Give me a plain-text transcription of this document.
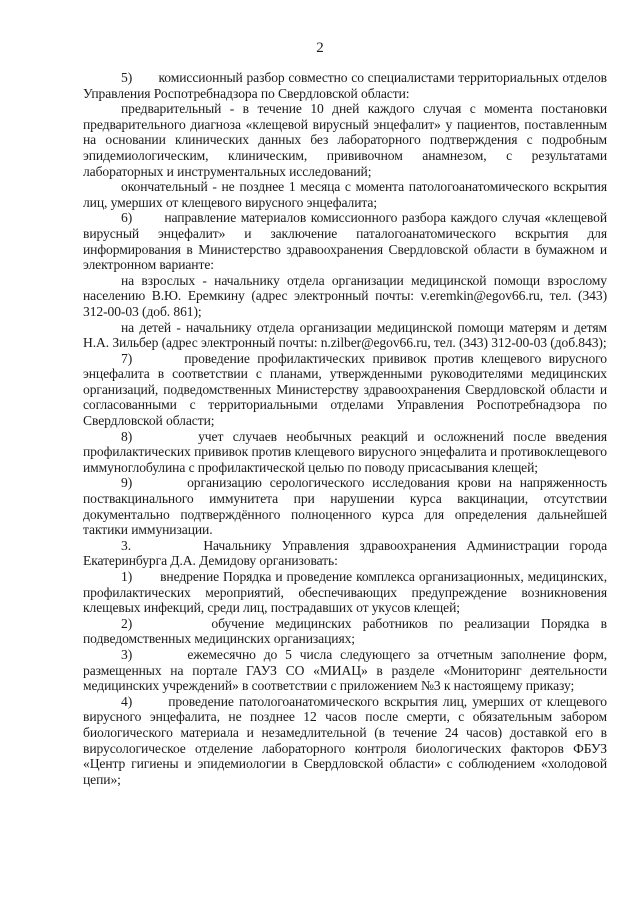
2

5)       комиссионный разбор совместно со специалистами территориальных отделов Управления Роспотребнадзора по Свердловской области:

предварительный - в течение 10 дней каждого случая с момента постановки предварительного диагноза «клещевой вирусный энцефалит» у пациентов, поставленным на основании клинических данных без лабораторного подтверждения с подробным эпидемиологическим, клиническим, прививочном анамнезом, с результатами лабораторных и инструментальных исследований;

окончательный - не позднее 1 месяца с момента патологоанатомического вскрытия лиц, умерших от клещевого вирусного энцефалита;

6)       направление материалов комиссионного разбора каждого случая «клещевой вирусный энцефалит» и заключение паталогоанатомического вскрытия для информирования в Министерство здравоохранения Свердловской области в бумажном и электронном варианте:

на взрослых - начальнику отдела организации медицинской помощи взрослому населению В.Ю. Еремкину (адрес электронный почты: v.eremkin@egov66.ru, тел. (343) 312-00-03 (доб. 861);

на детей - начальнику отдела организации медицинской помощи матерям и детям Н.А. Зильбер (адрес электронный почты: n.zilber@egov66.ru, тел. (343) 312-00-03 (доб.843);

7)       проведение профилактических прививок против клещевого вирусного энцефалита в соответствии с планами, утвержденными руководителями медицинских организаций, подведомственных Министерству здравоохранения Свердловской области и согласованными с территориальными отделами Управления Роспотребнадзора по Свердловской области;

8)       учет случаев необычных реакций и осложнений после введения профилактических прививок против клещевого вирусного энцефалита и противоклещевого иммуноглобулина с профилактической целью по поводу присасывания клещей;

9)       организацию серологического исследования крови на напряженность поствакцинального иммунитета при нарушении курса вакцинации, отсутствии документально подтверждённого полноценного курса для определения дальнейшей тактики иммунизации.

3.       Начальнику Управления здравоохранения Администрации города Екатеринбурга Д.А. Демидову организовать:

1)       внедрение Порядка и проведение комплекса организационных, медицинских, профилактических мероприятий, обеспечивающих предупреждение возникновения клещевых инфекций, среди лиц, пострадавших от укусов клещей;

2)       обучение медицинских работников по реализации Порядка в подведомственных медицинских организациях;

3)       ежемесячно до 5 числа следующего за отчетным заполнение форм, размещенных на портале ГАУЗ СО «МИАЦ» в разделе «Мониторинг деятельности медицинских учреждений» в соответствии с приложением №3 к настоящему приказу;

4)       проведение патологоанатомического вскрытия лиц, умерших от клещевого вирусного энцефалита, не позднее 12 часов после смерти, с обязательным забором биологического материала и незамедлительной (в течение 24 часов) доставкой его в вирусологическое отделение лабораторного контроля биологических факторов ФБУЗ «Центр гигиены и эпидемиологии в Свердловской области» с соблюдением «холодовой цепи»;
